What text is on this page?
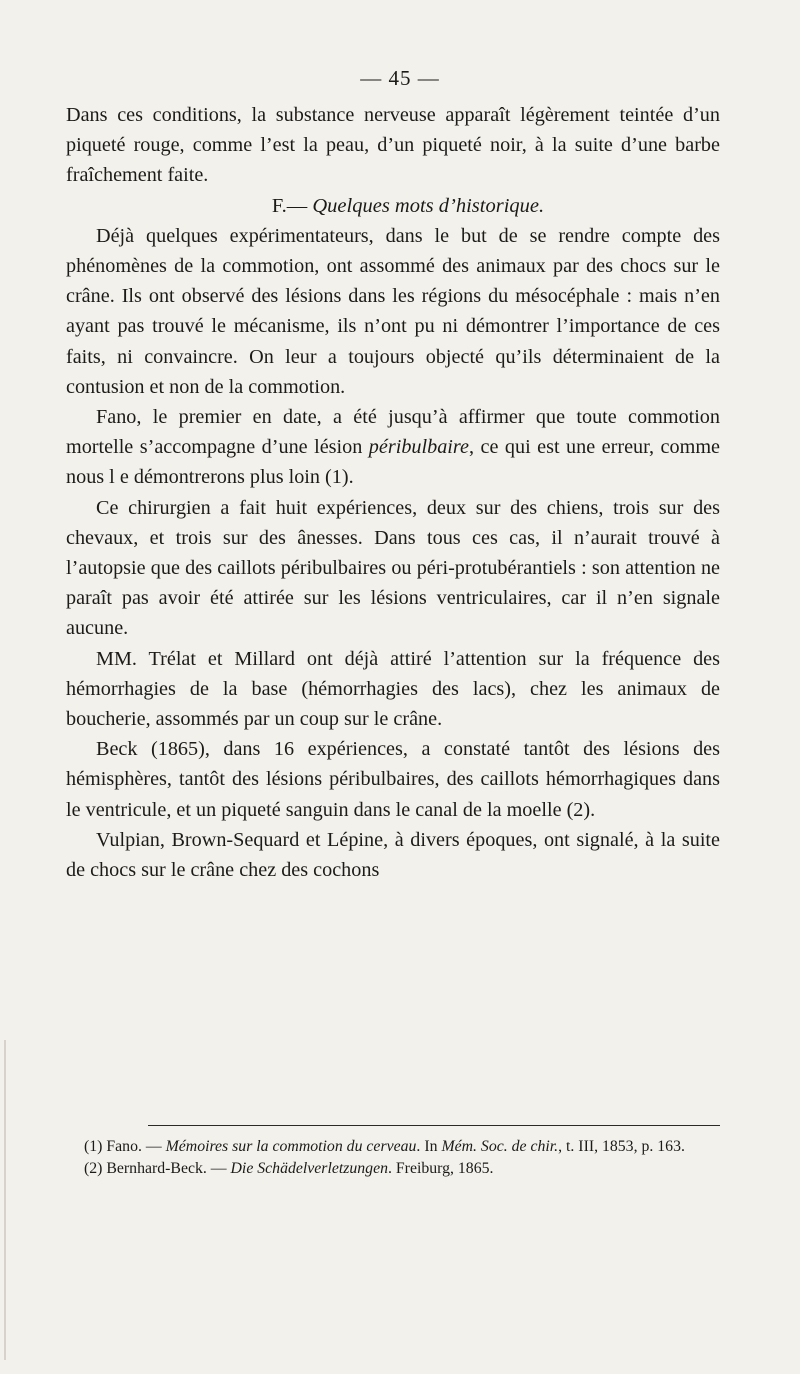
— 45 —

Dans ces conditions, la substance nerveuse apparaît légèrement teintée d’un piqueté rouge, comme l’est la peau, d’un piqueté noir, à la suite d’une barbe fraîchement faite.

F.— Quelques mots d’historique.

Déjà quelques expérimentateurs, dans le but de se rendre compte des phénomènes de la commotion, ont assommé des animaux par des chocs sur le crâne. Ils ont observé des lésions dans les régions du mésocéphale : mais n’en ayant pas trouvé le mécanisme, ils n’ont pu ni démontrer l’importance de ces faits, ni convaincre. On leur a toujours objecté qu’ils déterminaient de la contusion et non de la commotion.

Fano, le premier en date, a été jusqu’à affirmer que toute commotion mortelle s’accompagne d’une lésion péribulbaire, ce qui est une erreur, comme nous l e démontrerons plus loin (1).

Ce chirurgien a fait huit expériences, deux sur des chiens, trois sur des chevaux, et trois sur des ânesses. Dans tous ces cas, il n’aurait trouvé à l’autopsie que des caillots péribulbaires ou péri-protubérantiels : son attention ne paraît pas avoir été attirée sur les lésions ventriculaires, car il n’en signale aucune.

MM. Trélat et Millard ont déjà attiré l’attention sur la fréquence des hémorrhagies de la base (hémorrhagies des lacs), chez les animaux de boucherie, assommés par un coup sur le crâne.

Beck (1865), dans 16 expériences, a constaté tantôt des lésions des hémisphères, tantôt des lésions péribulbaires, des caillots hémorrhagiques dans le ventricule, et un piqueté sanguin dans le canal de la moelle (2).

Vulpian, Brown-Sequard et Lépine, à divers époques, ont signalé, à la suite de chocs sur le crâne chez des cochons

(1) Fano. — Mémoires sur la commotion du cerveau. In Mém. Soc. de chir., t. III, 1853, p. 163.

(2) Bernhard-Beck. — Die Schädelverletzungen. Freiburg, 1865.
